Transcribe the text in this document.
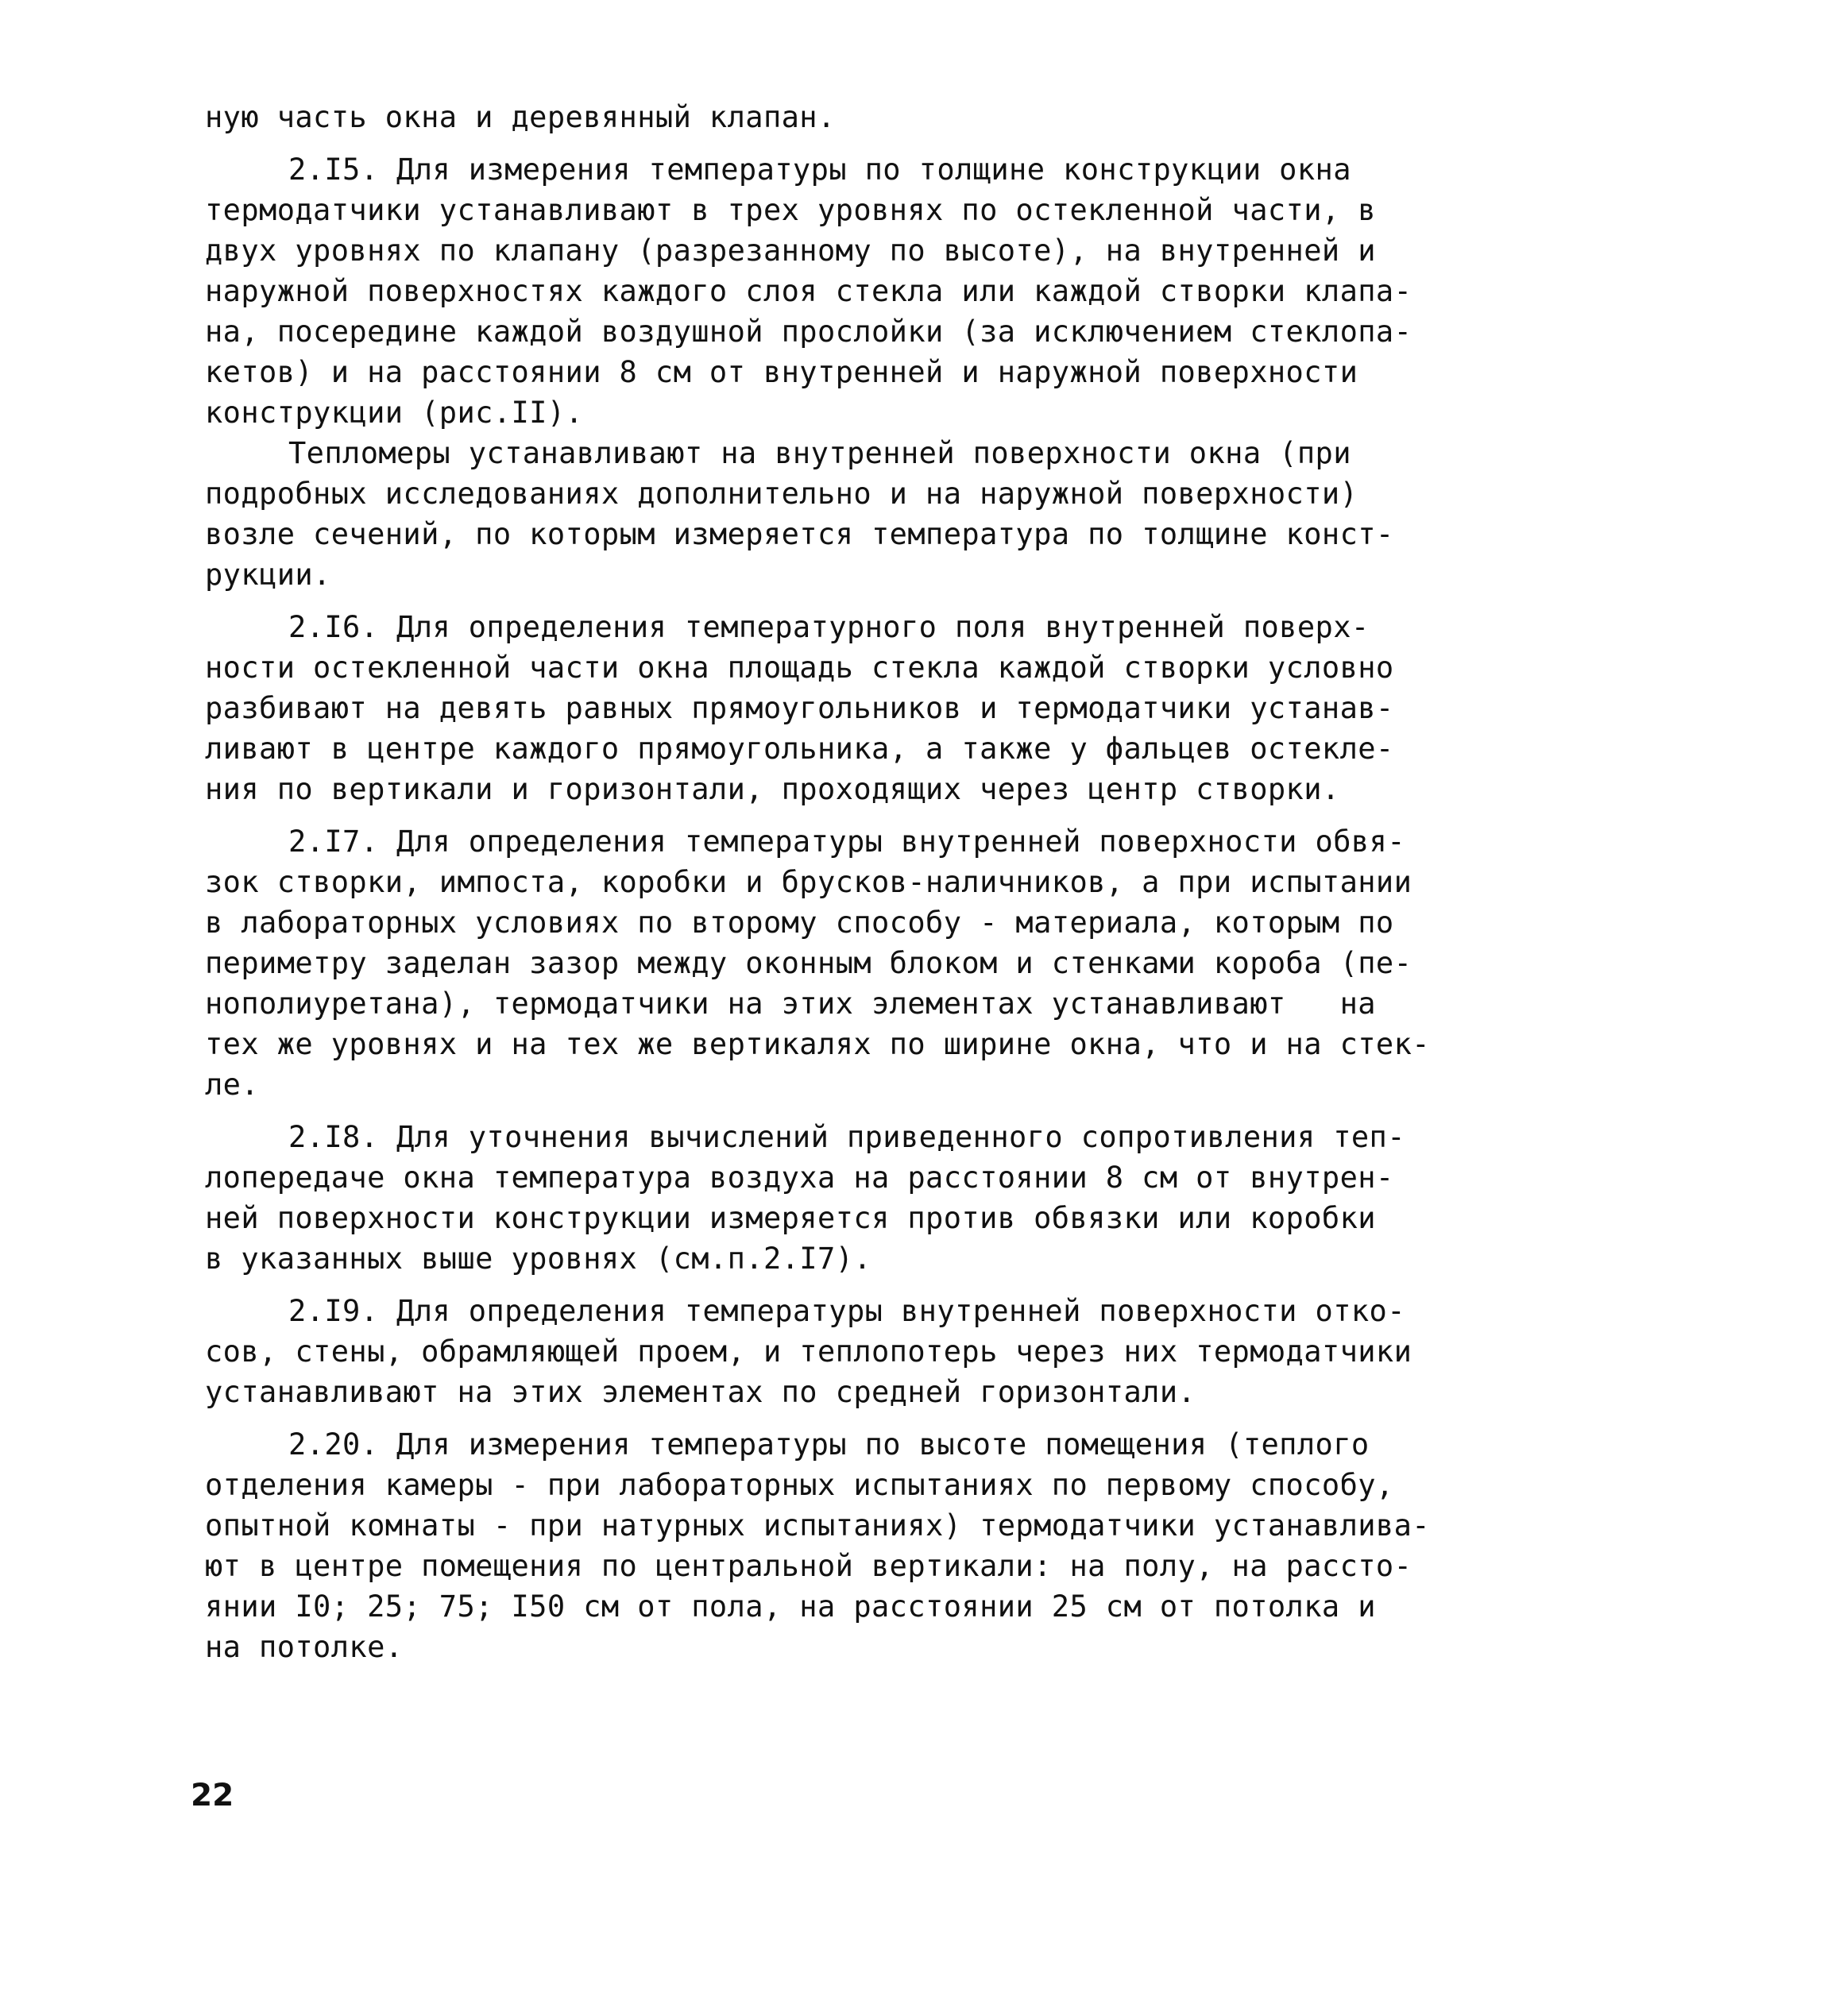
ную часть окна и деревянный клапан.
2.I5. Для измерения температуры по толщине конструкции окна
термодатчики устанавливают в трех уровнях по остекленной части, в
двух уровнях по клапану (разрезанному по высоте), на внутренней и
наружной поверхностях каждого слоя стекла или каждой створки клапа-
на, посередине каждой воздушной прослойки (за исключением стеклопа-
кетов) и на расстоянии 8 см от внутренней и наружной поверхности
конструкции (рис.II).
Тепломеры устанавливают на внутренней поверхности окна (при
подробных исследованиях дополнительно и на наружной поверхности)
возле сечений, по которым измеряется температура по толщине конст-
рукции.
2.I6. Для определения температурного поля внутренней поверх-
ности остекленной части окна площадь стекла каждой створки условно
разбивают на девять равных прямоугольников и термодатчики устанав-
ливают в центре каждого прямоугольника, а также у фальцев остекле-
ния по вертикали и горизонтали, проходящих через центр створки.
2.I7. Для определения температуры внутренней поверхности обвя-
зок створки, импоста, коробки и брусков-наличников, а при испытании
в лабораторных условиях по второму способу - материала, которым по
периметру заделан зазор между оконным блоком и стенками короба (пе-
нополиуретана), термодатчики на этих элементах устанавливают   на
тех же уровнях и на тех же вертикалях по ширине окна, что и на стек-
ле.
2.I8. Для уточнения вычислений приведенного сопротивления теп-
лопередаче окна температура воздуха на расстоянии 8 см от внутрен-
ней поверхности конструкции измеряется против обвязки или коробки
в указанных выше уровнях (см.п.2.I7).
2.I9. Для определения температуры внутренней поверхности отко-
сов, стены, обрамляющей проем, и теплопотерь через них термодатчики
устанавливают на этих элементах по средней горизонтали.
2.20. Для измерения температуры по высоте помещения (теплого
отделения камеры - при лабораторных испытаниях по первому способу,
опытной комнаты - при натурных испытаниях) термодатчики устанавлива-
ют в центре помещения по центральной вертикали: на полу, на рассто-
янии I0; 25; 75; I50 см от пола, на расстоянии 25 см от потолка и
на потолке.
22
